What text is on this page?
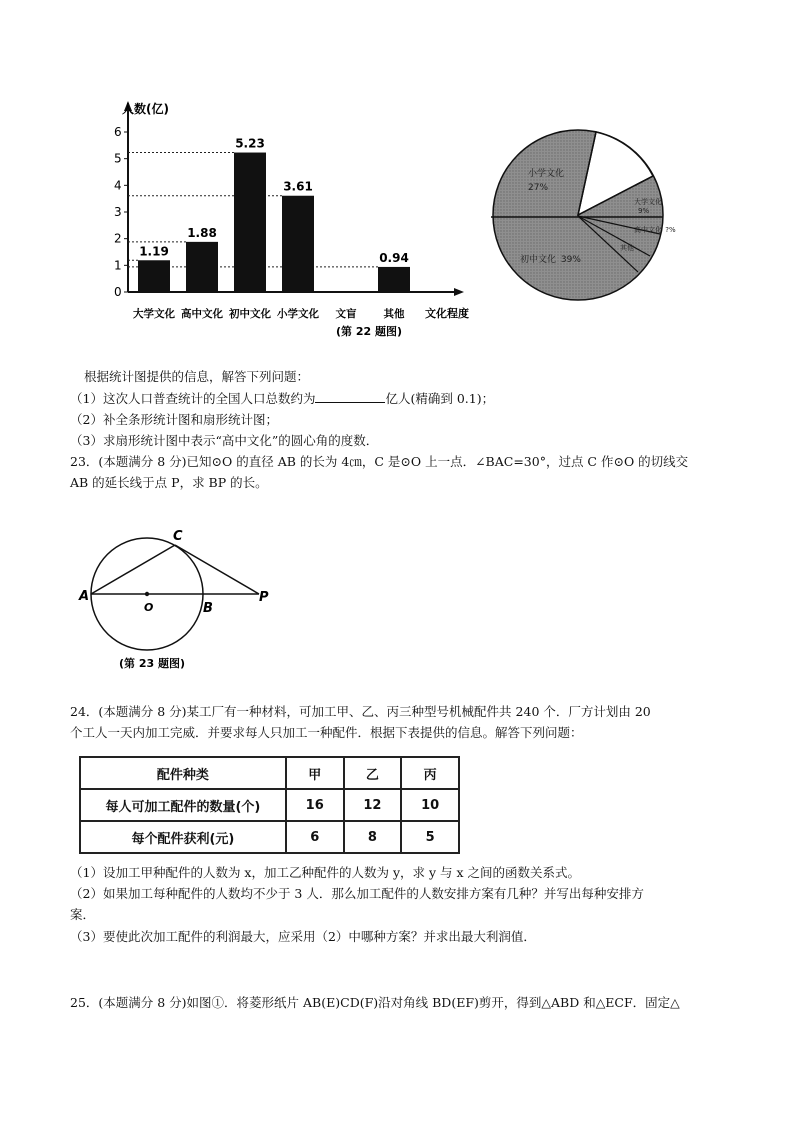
人数(亿)
6
5
4
3
2
1
0
1.19
1.88
5.23
3.61
0.94
大学文化 高中文化 初中文化 小学文化 文盲	其他 文化程度
(第 22 题图)
小学文化 27%
大学文化 9%
高中文化 ?%
其他
初中文化 39%
根据统计图提供的信息，解答下列问题：
（1）这次人口普查统计的全国人口总数约为	亿人(精确到 0.1)；
（2）补全条形统计图和扇形统计图；
（3）求扇形统计图中表示“高中文化”的圆心角的度数．
23．(本题满分 8 分)已知⊙O 的直径 AB 的长为 4㎝，C 是⊙O 上一点．∠BAC=30°，过点 C 作⊙O 的切线交
AB 的延长线于点 P，求 BP 的长。
A
O	B
C
P
(第 23 题图)
24．(本题满分 8 分)某工厂有一种材料，可加工甲、乙、丙三种型号机械配件共 240 个．厂方计划由 20
个工人一天内加工完威．并要求每人只加工一种配件．根据下表提供的信息。解答下列问题：
配件种类	甲	乙	丙
每人可加工配件的数量(个)	16	12	10
每个配件获利(元)	6	8	5
（1）设加工甲种配件的人数为 x，加工乙种配件的人数为 y，求 y 与 x 之间的函数关系式。
（2）如果加工每种配件的人数均不少于 3 人．那么加工配件的人数安排方案有几种？并写出每种安排方
案．
（3）要使此次加工配件的利润最大，应采用（2）中哪种方案？并求出最大利润值．
25．(本题满分 8 分)如图①．将菱形纸片 AB(E)CD(F)沿对角线 BD(EF)剪开，得到△ABD 和△ECF．固定△
